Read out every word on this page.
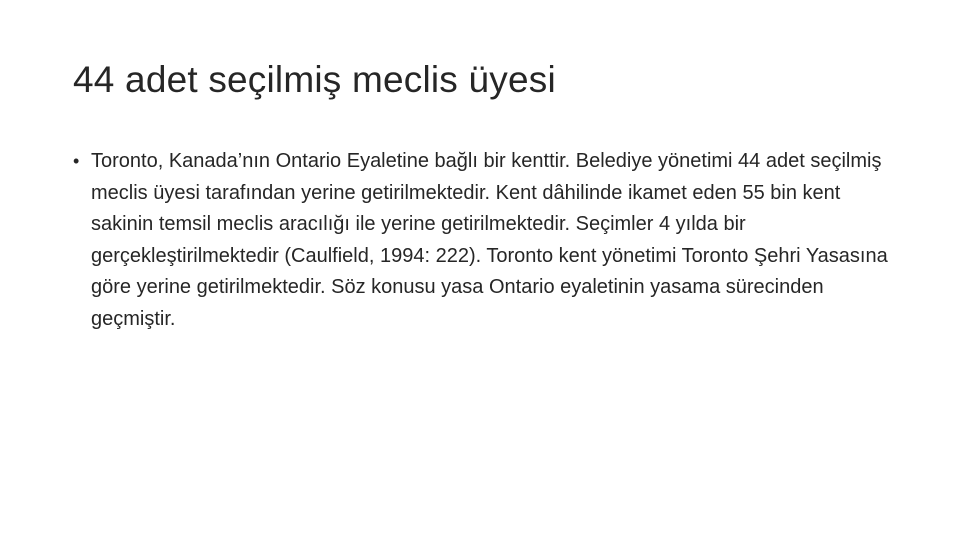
44 adet seçilmiş meclis üyesi
• Toronto, Kanada’nın Ontario Eyaletine bağlı bir kenttir. Belediye yönetimi 44 adet seçilmiş meclis üyesi tarafından yerine getirilmektedir. Kent dâhilinde ikamet eden 55 bin kent sakinin temsil meclis aracılığı ile yerine getirilmektedir. Seçimler 4 yılda bir gerçekleştirilmektedir (Caulfield, 1994: 222). Toronto kent yönetimi Toronto Şehri Yasasına göre yerine getirilmektedir. Söz konusu yasa Ontario eyaletinin yasama sürecinden geçmiştir.
